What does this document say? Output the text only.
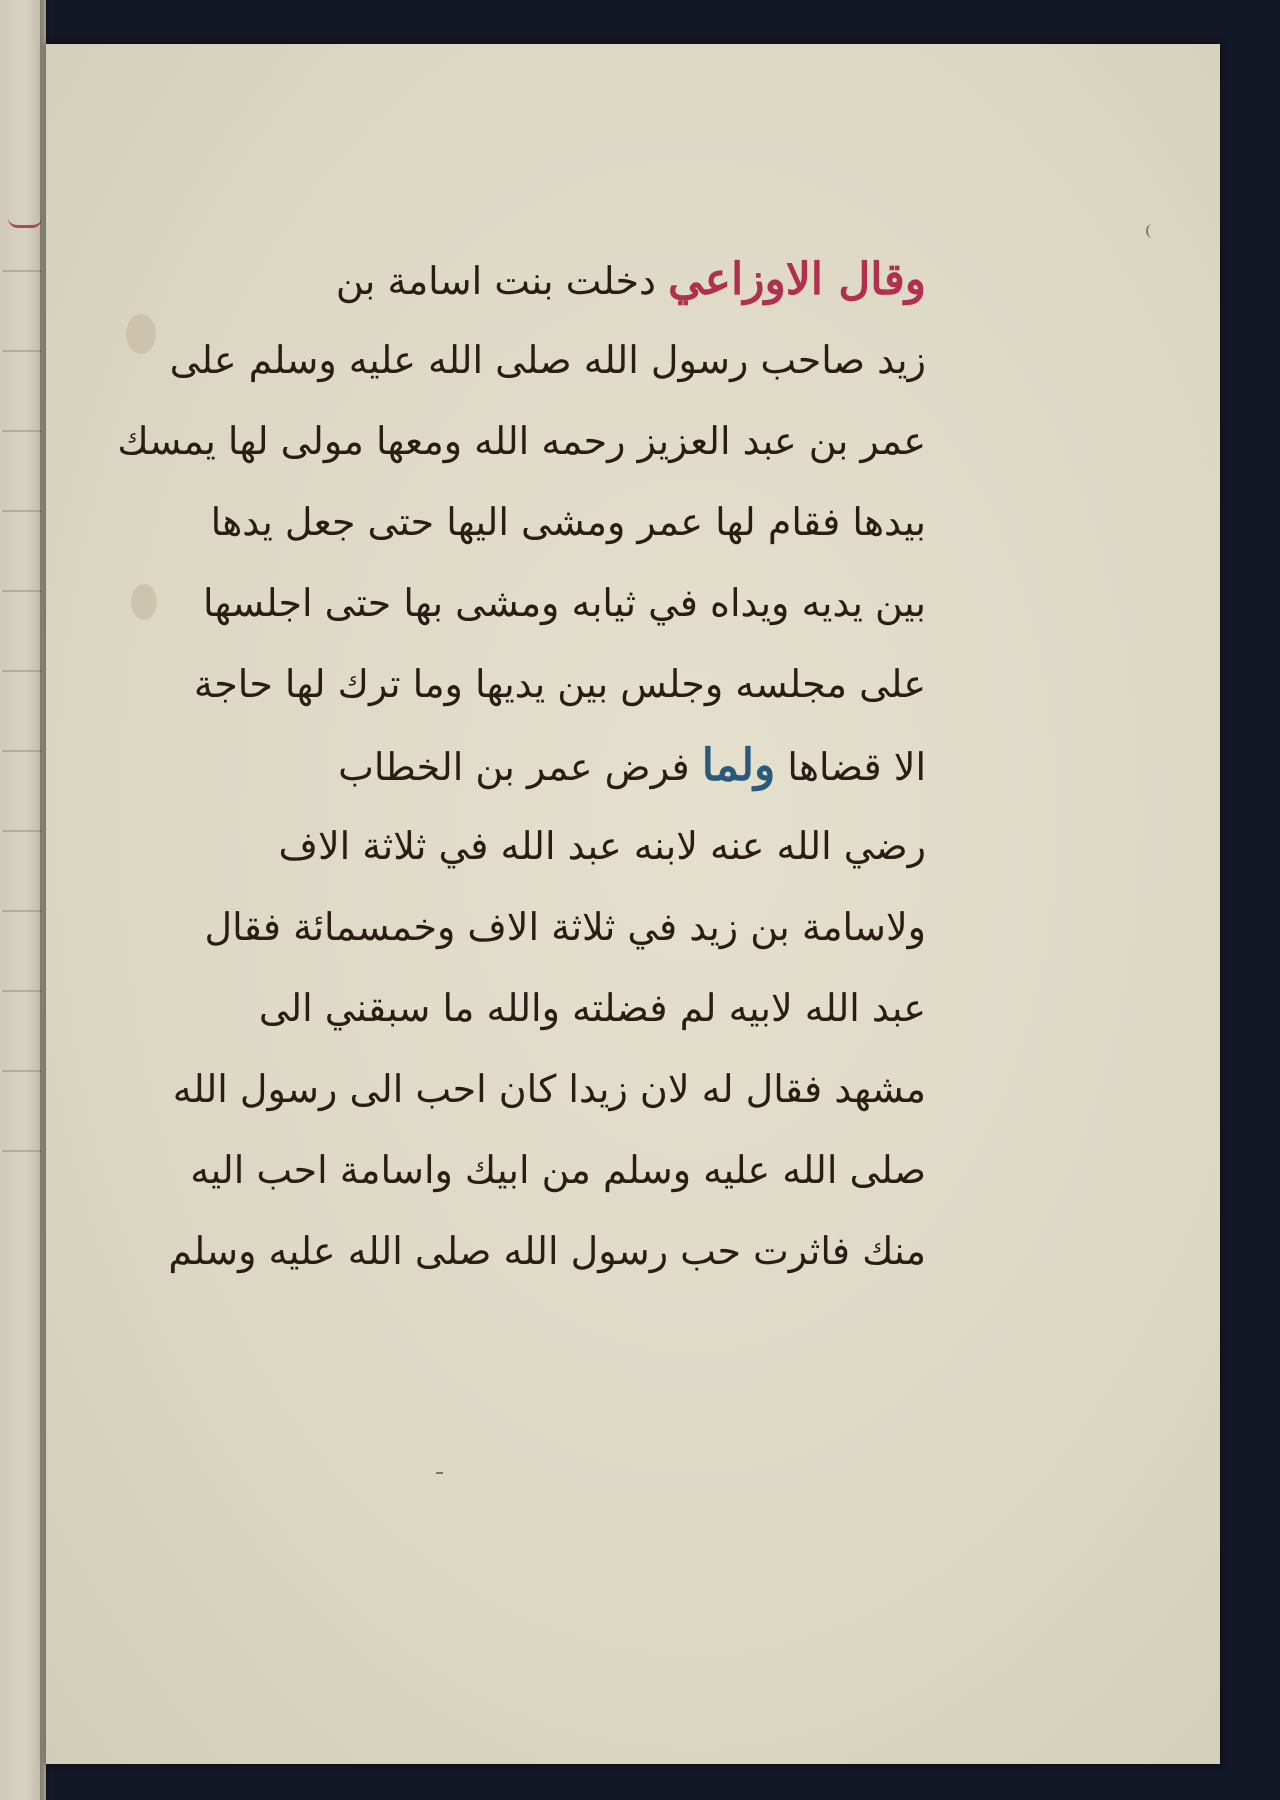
وقال الاوزاعي دخلت بنت اسامة بن
زيد صاحب رسول الله صلى الله عليه وسلم على
عمر بن عبد العزيز رحمه الله ومعها مولى لها يمسك
بيدها فقام لها عمر ومشى اليها حتى جعل يدها
بين يديه ويداه في ثيابه ومشى بها حتى اجلسها
على مجلسه وجلس بين يديها وما ترك لها حاجة
الا قضاها ولما فرض عمر بن الخطاب
رضي الله عنه لابنه عبد الله في ثلاثة الاف
ولاسامة بن زيد في ثلاثة الاف وخمسمائة فقال
عبد الله لابيه لم فضلته والله ما سبقني الى
مشهد فقال له لان زيدا كان احب الى رسول الله
صلى الله عليه وسلم من ابيك واسامة احب اليه
منك فاثرت حب رسول الله صلى الله عليه وسلم
